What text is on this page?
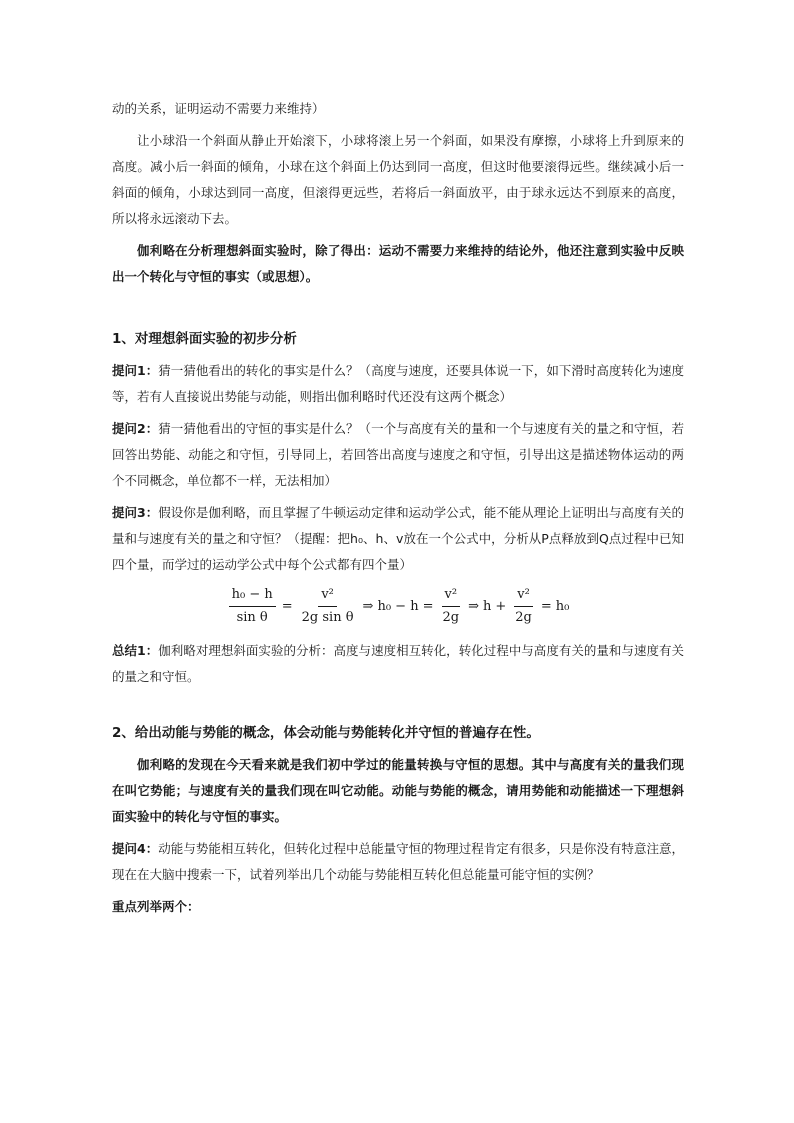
动的关系，证明运动不需要力来维持）

让小球沿一个斜面从静止开始滚下，小球将滚上另一个斜面，如果没有摩擦，小球将上升到原来的高度。减小后一斜面的倾角，小球在这个斜面上仍达到同一高度，但这时他要滚得远些。继续减小后一斜面的倾角，小球达到同一高度，但滚得更远些，若将后一斜面放平，由于球永远达不到原来的高度，所以将永远滚动下去。

伽利略在分析理想斜面实验时，除了得出：运动不需要力来维持的结论外，他还注意到实验中反映出一个转化与守恒的事实（或思想）。

1、对理想斜面实验的初步分析

提问1：猜一猜他看出的转化的事实是什么？（高度与速度，还要具体说一下，如下滑时高度转化为速度等，若有人直接说出势能与动能，则指出伽利略时代还没有这两个概念）

提问2：猜一猜他看出的守恒的事实是什么？（一个与高度有关的量和一个与速度有关的量之和守恒，若回答出势能、动能之和守恒，引导同上，若回答出高度与速度之和守恒，引导出这是描述物体运动的两个不同概念，单位都不一样，无法相加）

提问3：假设你是伽利略，而且掌握了牛顿运动定律和运动学公式，能不能从理论上证明出与高度有关的量和与速度有关的量之和守恒？（提醒：把h₀、h、v放在一个公式中，分析从P点释放到Q点过程中已知四个量，而学过的运动学公式中每个公式都有四个量）

$\frac{\text{h₀ − h}}{\text{sin θ}} = \frac{\text{v²}}{\text{2g sin θ}}$ ⇒ $h_0 - h = \frac{\text{v²}}{2g}$ ⇒ $h + \frac{\text{v²}}{2g} = h_0$

总结1：伽利略对理想斜面实验的分析：高度与速度相互转化，转化过程中与高度有关的量和与速度有关的量之和守恒。

2、给出动能与势能的概念，体会动能与势能转化并守恒的普遍存在性。

伽利略的发现在今天看来就是我们初中学过的能量转换与守恒的思想。其中与高度有关的量我们现在叫它势能；与速度有关的量我们现在叫它动能。动能与势能的概念，请用势能和动能描述一下理想斜面实验中的转化与守恒的事实。

提问4：动能与势能相互转化，但转化过程中总能量守恒的物理过程肯定有很多，只是你没有特意注意，现在在大脑中搜索一下，试着列举出几个动能与势能相互转化但总能量可能守恒的实例？

重点列举两个：
